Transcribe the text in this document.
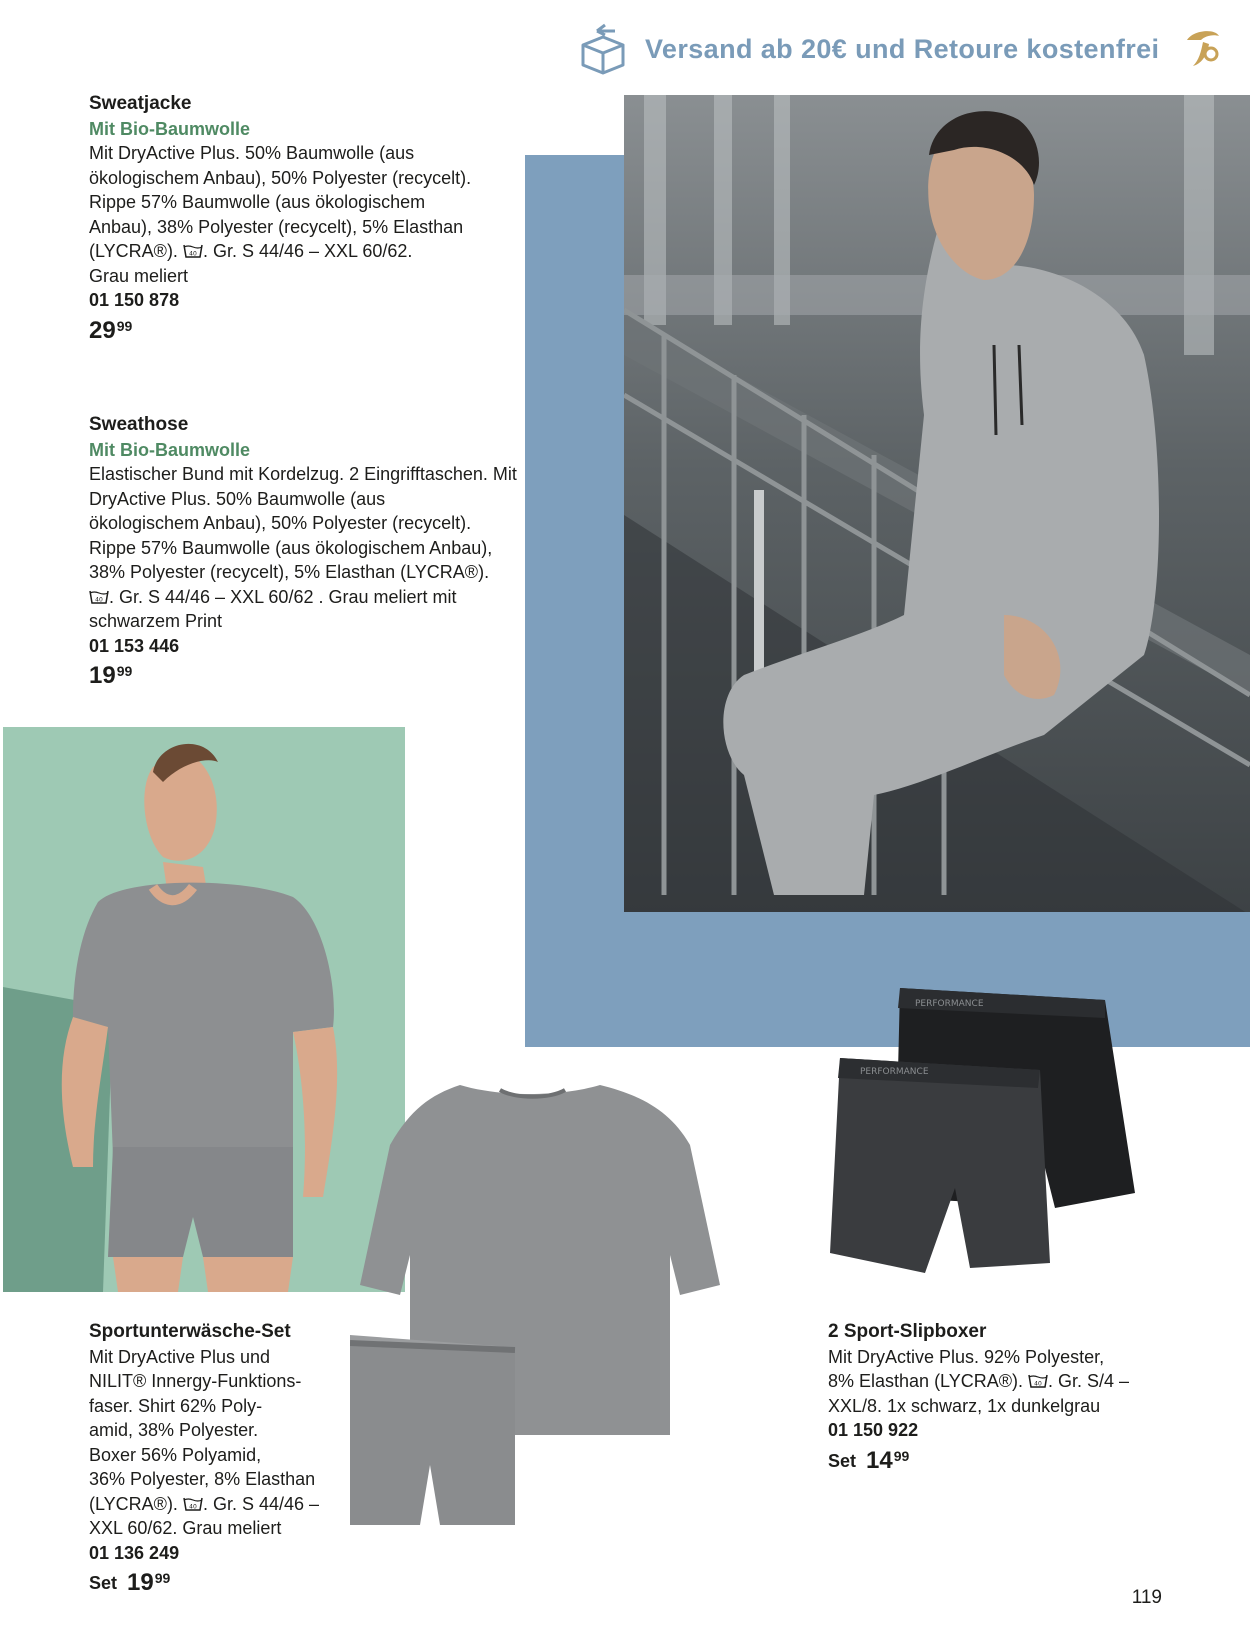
Versand ab 20€ und Retoure kostenfrei
Sweatjacke
Mit Bio-Baumwolle
Mit DryActive Plus. 50% Baumwolle (aus
ökologischem Anbau), 50% Polyester (recycelt).
Rippe 57% Baumwolle (aus ökologischem
Anbau), 38% Polyester (recycelt), 5% Elasthan
(LYCRA®). 40 . Gr. S 44/46 – XXL 60/62.
Grau meliert
01 150 878
29 99
Sweathose
Mit Bio-Baumwolle
Elastischer Bund mit Kordelzug. 2 Eingrifftaschen. Mit DryActive Plus. 50% Baumwolle (aus
ökologischem Anbau), 50% Polyester (recycelt).
Rippe 57% Baumwolle (aus ökologischem Anbau),
38% Polyester (recycelt), 5% Elasthan (LYCRA®).

40 . Gr. S 44/46 – XXL 60/62 . Grau meliert mit
schwarzem Print
01 153 446
19 99
PERFORMANCE
PERFORMANCE
Sportunterwäsche-Set
Mit DryActive Plus und
NILIT® Innergy-Funktions-
faser. Shirt 62% Poly-
amid, 38% Polyester.
Boxer 56% Polyamid,
36% Polyester, 8% Elasthan
(LYCRA®). 40 . Gr. S 44/46 –
XXL 60/62. Grau meliert
01 136 249
Set 19 99
2 Sport-Slipboxer
Mit DryActive Plus. 92% Polyester,
8% Elasthan (LYCRA®). 40 . Gr. S/4 –
XXL/8. 1x schwarz, 1x dunkelgrau
01 150 922
Set 14 99
119
